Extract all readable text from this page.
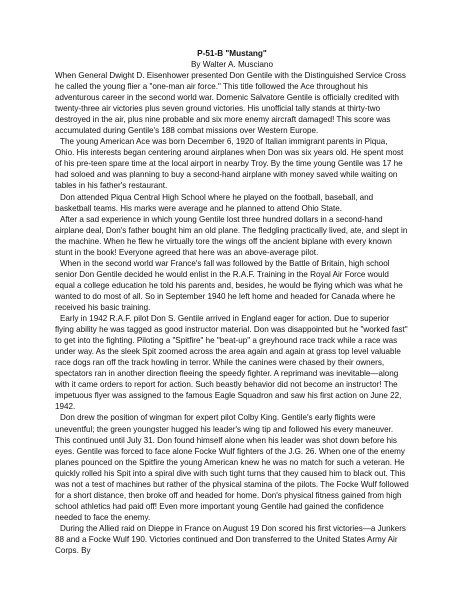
P-51-B "Mustang"

By Walter A. Musciano

When General Dwight D. Eisenhower presented Don Gentile with the Distinguished Service Cross he called the young flier a "one-man air force." This title followed the Ace throughout his adventurous career in the second world war. Domenic Salvatore Gentile is officially credited with twenty-three air victories plus seven ground victories. His unofficial tally stands at thirty-two destroyed in the air, plus nine probable and six more enemy aircraft damaged! This score was accumulated during Gentile's 188 combat missions over Western Europe.

The young American Ace was born December 6, 1920 of Italian immigrant parents in Piqua, Ohio. His interests began centering around airplanes when Don was six years old. He spent most of his pre-teen spare time at the local airport in nearby Troy. By the time young Gentile was 17 he had soloed and was planning to buy a second-hand airplane with money saved while waiting on tables in his father's restaurant.

Don attended Piqua Central High School where he played on the football, baseball, and basketball teams. His marks were average and he planned to attend Ohio State.

After a sad experience in which young Gentile lost three hundred dollars in a second-hand airplane deal, Don's father bought him an old plane. The fledgling practically lived, ate, and slept in the machine. When he flew he virtually tore the wings off the ancient biplane with every known stunt in the book! Everyone agreed that here was an above-average pilot.

When in the second world war France's fall was followed by the Battle of Britain, high school senior Don Gentile decided he would enlist in the R.A.F. Training in the Royal Air Force would equal a college education he told his parents and, besides, he would be flying which was what he wanted to do most of all. So in September 1940 he left home and headed for Canada where he received his basic training.

Early in 1942 R.A.F. pilot Don S. Gentile arrived in England eager for action. Due to superior flying ability he was tagged as good instructor material. Don was disappointed but he "worked fast" to get into the fighting. Piloting a "Spitfire" he "beat-up" a greyhound race track while a race was under way. As the sleek Spit zoomed across the area again and again at grass top level valuable race dogs ran off the track howling in terror. While the canines were chased by their owners, spectators ran in another direction fleeing the speedy fighter. A reprimand was inevitable—along with it came orders to report for action. Such beastly behavior did not become an instructor! The impetuous flyer was assigned to the famous Eagle Squadron and saw his first action on June 22, 1942.

Don drew the position of wingman for expert pilot Colby King. Gentile's early flights were uneventful; the green youngster hugged his leader's wing tip and followed his every maneuver. This continued until July 31. Don found himself alone when his leader was shot down before his eyes. Gentile was forced to face alone Focke Wulf fighters of the J.G. 26. When one of the enemy planes pounced on the Spitfire the young American knew he was no match for such a veteran. He quickly rolled his Spit into a spiral dive with such tight turns that they caused him to black out. This was not a test of machines but rather of the physical stamina of the pilots. The Focke Wulf followed for a short distance, then broke off and headed for home. Don's physical fitness gained from high school athletics had paid off! Even more important young Gentile had gained the confidence needed to face the enemy.

During the Allied raid on Dieppe in France on August 19 Don scored his first victories—a Junkers 88 and a Focke Wulf 190. Victories continued and Don transferred to the United States Army Air Corps. By
